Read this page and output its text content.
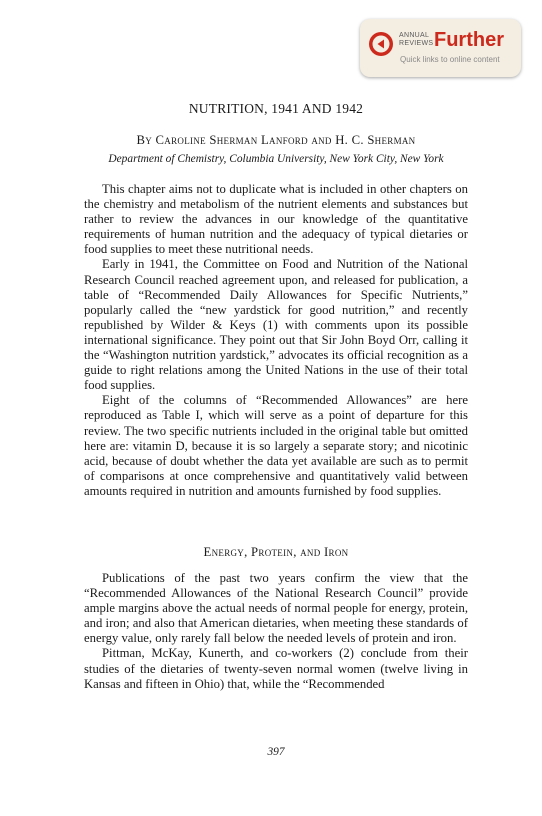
ANNUAL
REVIEWS Further
Quick links to online content
NUTRITION, 1941 AND 1942
By Caroline Sherman Lanford and H. C. Sherman
Department of Chemistry, Columbia University, New York City, New York

This chapter aims not to duplicate what is included in other chapters on the chemistry and metabolism of the nutrient elements and substances but rather to review the advances in our knowledge of the quantitative requirements of human nutrition and the adequacy of typical dietaries or food supplies to meet these nutritional needs.

Early in 1941, the Committee on Food and Nutrition of the National Research Council reached agreement upon, and released for publication, a table of “Recommended Daily Allowances for Specific Nutrients,” popularly called the “new yardstick for good nutrition,” and recently republished by Wilder & Keys (1) with comments upon its possible international significance. They point out that Sir John Boyd Orr, calling it the “Washington nutrition yardstick,” advocates its official recognition as a guide to right relations among the United Nations in the use of their total food supplies.

Eight of the columns of “Recommended Allowances” are here reproduced as Table I, which will serve as a point of departure for this review. The two specific nutrients included in the original table but omitted here are: vitamin D, because it is so largely a separate story; and nicotinic acid, because of doubt whether the data yet available are such as to permit of comparisons at once comprehensive and quantitatively valid between amounts required in nutrition and amounts furnished by food supplies.

Energy, Protein, and Iron

Publications of the past two years confirm the view that the “Recommended Allowances of the National Research Council” provide ample margins above the actual needs of normal people for energy, protein, and iron; and also that American dietaries, when meeting these standards of energy value, only rarely fall below the needed levels of protein and iron.

Pittman, McKay, Kunerth, and co-workers (2) conclude from their studies of the dietaries of twenty-seven normal women (twelve living in Kansas and fifteen in Ohio) that, while the “Recommended

397
